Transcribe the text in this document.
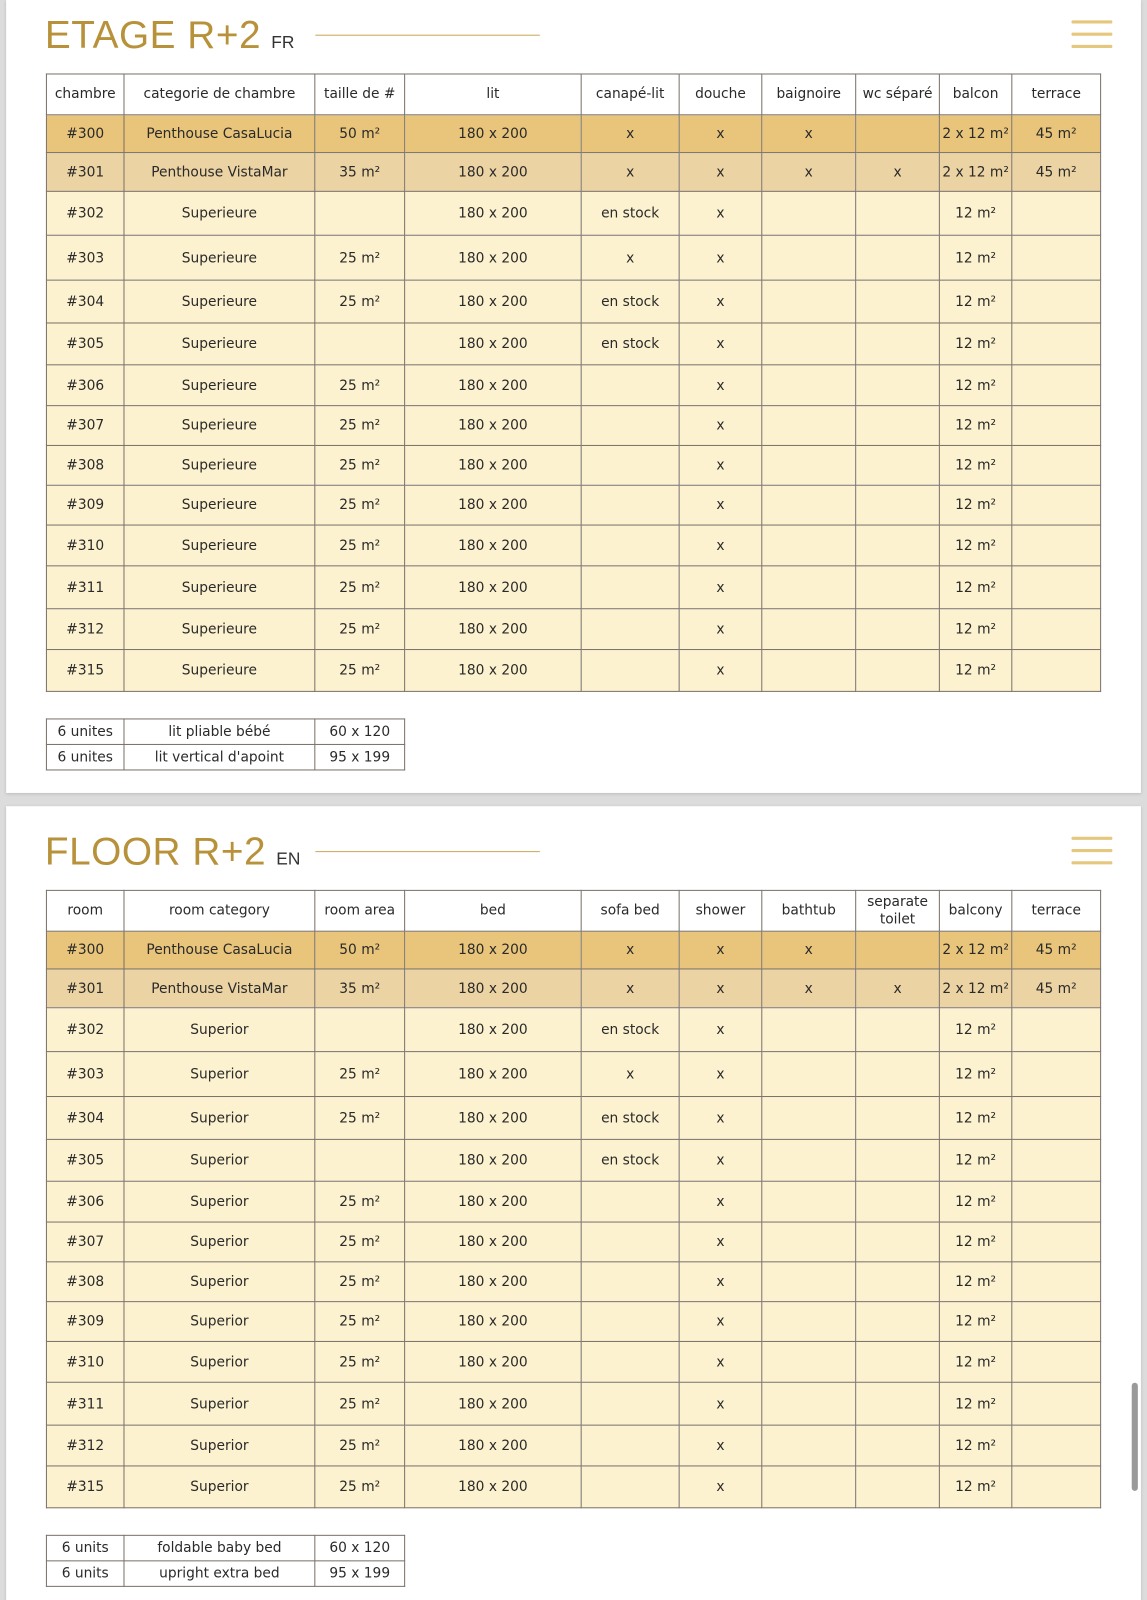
ETAGE R+2 FR
chambre	categorie de chambre	taille de #	lit	canapé-lit	douche	baignoire	wc séparé	balcon	terrace
#300	Penthouse CasaLucia	50 m²	180 x 200	x	x	x		2 x 12 m²	45 m²
#301	Penthouse VistaMar	35 m²	180 x 200	x	x	x	x	2 x 12 m²	45 m²
#302	Superieure		180 x 200	en stock	x			12 m²	
#303	Superieure	25 m²	180 x 200	x	x			12 m²	
#304	Superieure	25 m²	180 x 200	en stock	x			12 m²	
#305	Superieure		180 x 200	en stock	x			12 m²	
#306	Superieure	25 m²	180 x 200		x			12 m²	
#307	Superieure	25 m²	180 x 200		x			12 m²	
#308	Superieure	25 m²	180 x 200		x			12 m²	
#309	Superieure	25 m²	180 x 200		x			12 m²	
#310	Superieure	25 m²	180 x 200		x			12 m²	
#311	Superieure	25 m²	180 x 200		x			12 m²	
#312	Superieure	25 m²	180 x 200		x			12 m²	
#315	Superieure	25 m²	180 x 200		x			12 m²	
6 unites	lit pliable bébé	60 x 120
6 unites	lit vertical d'apoint	95 x 199
FLOOR R+2 EN
room	room category	room area	bed	sofa bed	shower	bathtub	separate toilet	balcony	terrace
#300	Penthouse CasaLucia	50 m²	180 x 200	x	x	x		2 x 12 m²	45 m²
#301	Penthouse VistaMar	35 m²	180 x 200	x	x	x	x	2 x 12 m²	45 m²
#302	Superior		180 x 200	en stock	x			12 m²	
#303	Superior	25 m²	180 x 200	x	x			12 m²	
#304	Superior	25 m²	180 x 200	en stock	x			12 m²	
#305	Superior		180 x 200	en stock	x			12 m²	
#306	Superior	25 m²	180 x 200		x			12 m²	
#307	Superior	25 m²	180 x 200		x			12 m²	
#308	Superior	25 m²	180 x 200		x			12 m²	
#309	Superior	25 m²	180 x 200		x			12 m²	
#310	Superior	25 m²	180 x 200		x			12 m²	
#311	Superior	25 m²	180 x 200		x			12 m²	
#312	Superior	25 m²	180 x 200		x			12 m²	
#315	Superior	25 m²	180 x 200		x			12 m²	
6 units	foldable baby bed	60 x 120
6 units	upright extra bed	95 x 199
